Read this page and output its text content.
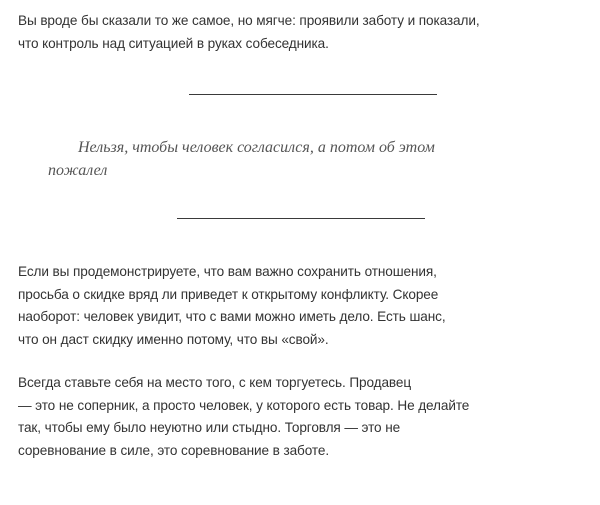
Вы вроде бы сказали то же самое, но мягче: проявили заботу и показали,
что контроль над ситуацией в руках собеседника.

Нельзя, чтобы человек согласился, а потом об этом
пожалел

Если вы продемонстрируете, что вам важно сохранить отношения,
просьба о скидке вряд ли приведет к открытому конфликту. Скорее
наоборот: человек увидит, что с вами можно иметь дело. Есть шанс,
что он даст скидку именно потому, что вы «свой».

Всегда ставьте себя на место того, с кем торгуетесь. Продавец
— это не соперник, а просто человек, у которого есть товар. Не делайте
так, чтобы ему было неуютно или стыдно. Торговля — это не
соревнование в силе, это соревнование в заботе.
